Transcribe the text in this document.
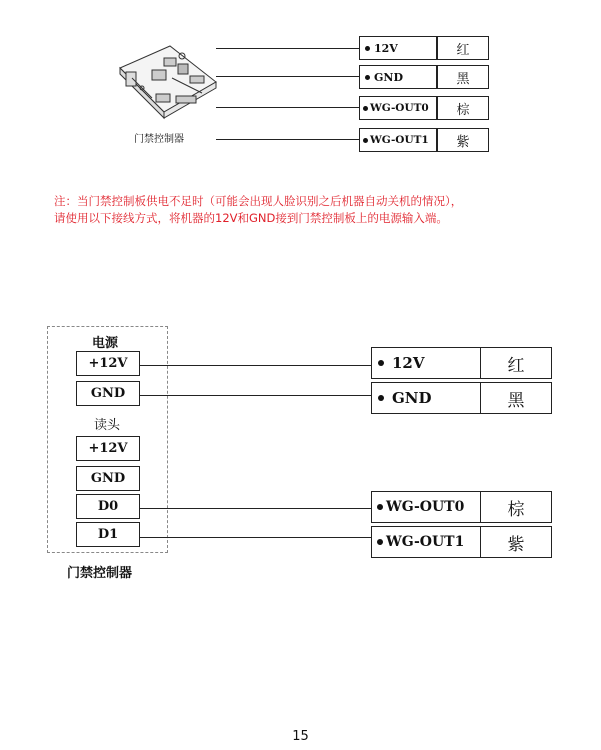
门禁控制器
12V	红
GND	黑
WG-OUT0	棕
WG-OUT1	紫
注：当门禁控制板供电不足时（可能会出现人脸识别之后机器自动关机的情况），
请使用以下接线方式，将机器的12V和GND接到门禁控制板上的电源输入端。
电源
+12V
GND
读头
+12V
GND
D0
D1
门禁控制器
12V	红
GND	黑
WG-OUT0	棕
WG-OUT1	紫
15
